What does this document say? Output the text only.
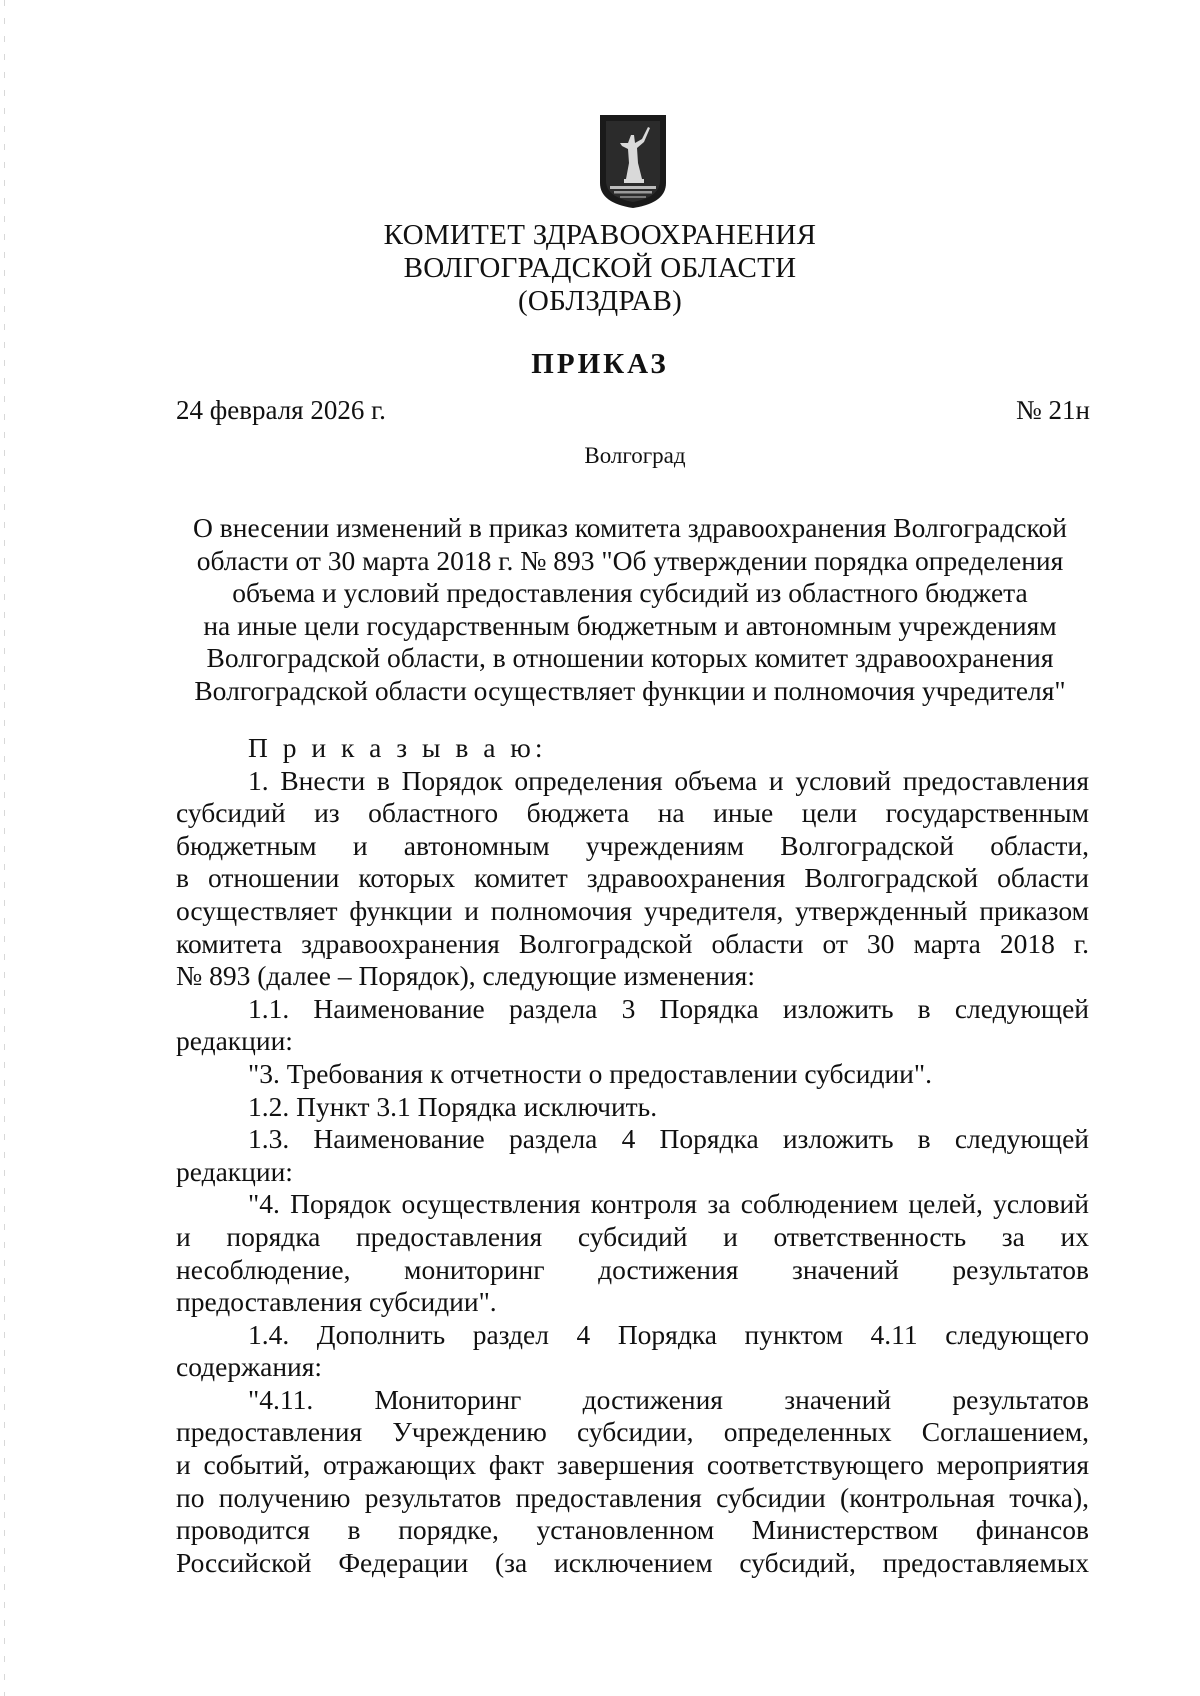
КОМИТЕТ ЗДРАВООХРАНЕНИЯ
ВОЛГОГРАДСКОЙ ОБЛАСТИ
(ОБЛЗДРАВ)
ПРИКАЗ
24 февраля 2026 г.	№ 21н
Волгоград
О внесении изменений в приказ комитета здравоохранения Волгоградской
области от 30 марта 2018 г. № 893 "Об утверждении порядка определения
объема и условий предоставления субсидий из областного бюджета
на иные цели государственным бюджетным и автономным учреждениям
Волгоградской области, в отношении которых комитет здравоохранения
Волгоградской области осуществляет функции и полномочия учредителя"
П р и к а з ы в а ю:
1. Внести в Порядок определения объема и условий предоставления
субсидий из областного бюджета на иные цели государственным
бюджетным и автономным учреждениям Волгоградской области,
в отношении которых комитет здравоохранения Волгоградской области
осуществляет функции и полномочия учредителя, утвержденный приказом
комитета здравоохранения Волгоградской области от 30 марта 2018 г.
№ 893 (далее – Порядок), следующие изменения:
1.1. Наименование раздела 3 Порядка изложить в следующей
редакции:
"3. Требования к отчетности о предоставлении субсидии".
1.2. Пункт 3.1 Порядка исключить.
1.3. Наименование раздела 4 Порядка изложить в следующей
редакции:
"4. Порядок осуществления контроля за соблюдением целей, условий
и порядка предоставления субсидий и ответственность за их
несоблюдение, мониторинг достижения значений результатов
предоставления субсидии".
1.4. Дополнить раздел 4 Порядка пунктом 4.11 следующего
содержания:
"4.11. Мониторинг достижения значений результатов
предоставления Учреждению субсидии, определенных Соглашением,
и событий, отражающих факт завершения соответствующего мероприятия
по получению результатов предоставления субсидии (контрольная точка),
проводится в порядке, установленном Министерством финансов
Российской Федерации (за исключением субсидий, предоставляемых
